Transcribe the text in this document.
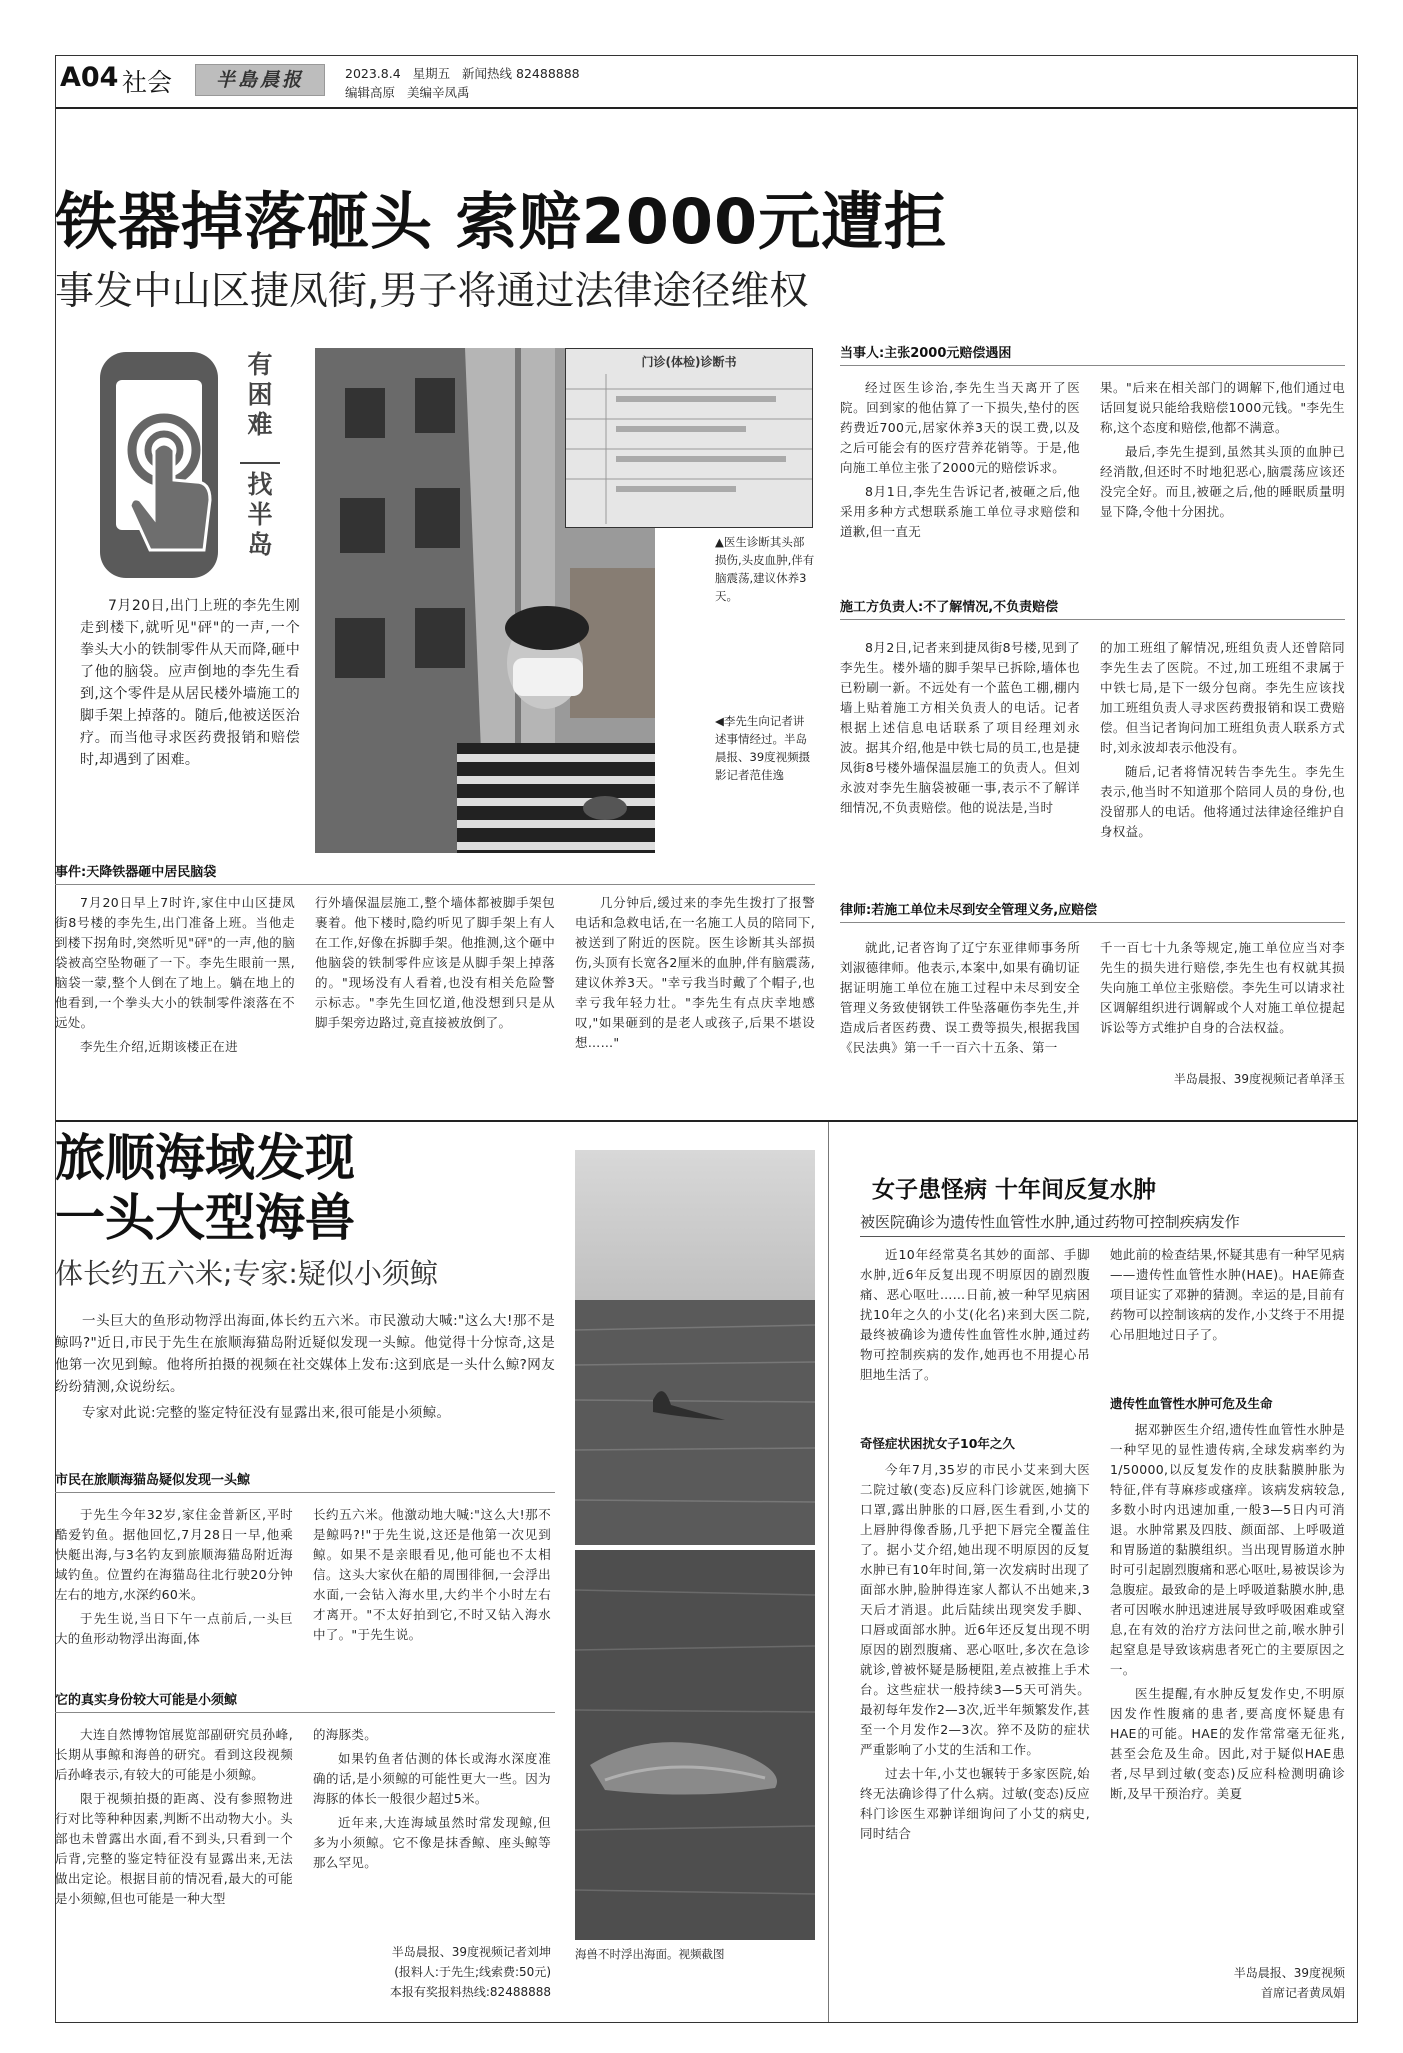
A04 社会	半島晨报	2023.8.4 星期五 新闻热线 82488888
编辑高原 美编辛凤禹
铁器掉落砸头 索赔2000元遭拒
事发中山区捷凤街,男子将通过法律途径维权
有困难
找半岛

7月20日,出门上班的李先生刚走到楼下,就听见"砰"的一声,一个拳头大小的铁制零件从天而降,砸中了他的脑袋。应声倒地的李先生看到,这个零件是从居民楼外墙施工的脚手架上掉落的。随后,他被送医治疗。而当他寻求医药费报销和赔偿时,却遇到了困难。

门诊(体检)诊断书
▲医生诊断其头部损伤,头皮血肿,伴有脑震荡,建议休养3天。
◀李先生向记者讲述事情经过。半岛晨报、39度视频摄影记者范佳逸
事件:天降铁器砸中居民脑袋

7月20日早上7时许,家住中山区捷凤街8号楼的李先生,出门准备上班。当他走到楼下拐角时,突然听见"砰"的一声,他的脑袋被高空坠物砸了一下。李先生眼前一黑,脑袋一蒙,整个人倒在了地上。躺在地上的他看到,一个拳头大小的铁制零件滚落在不远处。

李先生介绍,近期该楼正在进

行外墙保温层施工,整个墙体都被脚手架包裹着。他下楼时,隐约听见了脚手架上有人在工作,好像在拆脚手架。他推测,这个砸中他脑袋的铁制零件应该是从脚手架上掉落的。"现场没有人看着,也没有相关危险警示标志。"李先生回忆道,他没想到只是从脚手架旁边路过,竟直接被放倒了。

几分钟后,缓过来的李先生拨打了报警电话和急救电话,在一名施工人员的陪同下,被送到了附近的医院。医生诊断其头部损伤,头顶有长宽各2厘米的血肿,伴有脑震荡,建议休养3天。"幸亏我当时戴了个帽子,也幸亏我年轻力壮。"李先生有点庆幸地感叹,"如果砸到的是老人或孩子,后果不堪设想……"

当事人:主张2000元赔偿遇困

经过医生诊治,李先生当天离开了医院。回到家的他估算了一下损失,垫付的医药费近700元,居家休养3天的误工费,以及之后可能会有的医疗营养花销等。于是,他向施工单位主张了2000元的赔偿诉求。

8月1日,李先生告诉记者,被砸之后,他采用多种方式想联系施工单位寻求赔偿和道歉,但一直无

果。"后来在相关部门的调解下,他们通过电话回复说只能给我赔偿1000元钱。"李先生称,这个态度和赔偿,他都不满意。

最后,李先生提到,虽然其头顶的血肿已经消散,但还时不时地犯恶心,脑震荡应该还没完全好。而且,被砸之后,他的睡眠质量明显下降,令他十分困扰。

施工方负责人:不了解情况,不负责赔偿

8月2日,记者来到捷凤街8号楼,见到了李先生。楼外墙的脚手架早已拆除,墙体也已粉刷一新。不远处有一个蓝色工棚,棚内墙上贴着施工方相关负责人的电话。记者根据上述信息电话联系了项目经理刘永波。据其介绍,他是中铁七局的员工,也是捷凤街8号楼外墙保温层施工的负责人。但刘永波对李先生脑袋被砸一事,表示不了解详细情况,不负责赔偿。他的说法是,当时

的加工班组了解情况,班组负责人还曾陪同李先生去了医院。不过,加工班组不隶属于中铁七局,是下一级分包商。李先生应该找加工班组负责人寻求医药费报销和误工费赔偿。但当记者询问加工班组负责人联系方式时,刘永波却表示他没有。

随后,记者将情况转告李先生。李先生表示,他当时不知道那个陪同人员的身份,也没留那人的电话。他将通过法律途径维护自身权益。

律师:若施工单位未尽到安全管理义务,应赔偿

就此,记者咨询了辽宁东亚律师事务所刘淑德律师。他表示,本案中,如果有确切证据证明施工单位在施工过程中未尽到安全管理义务致使钢铁工件坠落砸伤李先生,并造成后者医药费、误工费等损失,根据我国《民法典》第一千一百六十五条、第一

千一百七十九条等规定,施工单位应当对李先生的损失进行赔偿,李先生也有权就其损失向施工单位主张赔偿。李先生可以请求社区调解组织进行调解或个人对施工单位提起诉讼等方式维护自身的合法权益。

半岛晨报、39度视频记者单泽玉
旅顺海域发现
一头大型海兽
体长约五六米;专家:疑似小须鲸

一头巨大的鱼形动物浮出海面,体长约五六米。市民激动大喊:"这么大!那不是鲸吗?"近日,市民于先生在旅顺海猫岛附近疑似发现一头鲸。他觉得十分惊奇,这是他第一次见到鲸。他将所拍摄的视频在社交媒体上发布:这到底是一头什么鲸?网友纷纷猜测,众说纷纭。

专家对此说:完整的鉴定特征没有显露出来,很可能是小须鲸。

市民在旅顺海猫岛疑似发现一头鲸

于先生今年32岁,家住金普新区,平时酷爱钓鱼。据他回忆,7月28日一早,他乘快艇出海,与3名钓友到旅顺海猫岛附近海域钓鱼。位置约在海猫岛往北行驶20分钟左右的地方,水深约60米。

于先生说,当日下午一点前后,一头巨大的鱼形动物浮出海面,体

长约五六米。他激动地大喊:"这么大!那不是鲸吗?!"于先生说,这还是他第一次见到鲸。如果不是亲眼看见,他可能也不太相信。这头大家伙在船的周围徘徊,一会浮出水面,一会钻入海水里,大约半个小时左右才离开。"不太好拍到它,不时又钻入海水中了。"于先生说。

它的真实身份较大可能是小须鲸

大连自然博物馆展览部副研究员孙峰,长期从事鲸和海兽的研究。看到这段视频后孙峰表示,有较大的可能是小须鲸。

限于视频拍摄的距离、没有参照物进行对比等种种因素,判断不出动物大小。头部也未曾露出水面,看不到头,只看到一个后背,完整的鉴定特征没有显露出来,无法做出定论。根据目前的情况看,最大的可能是小须鲸,但也可能是一种大型

的海豚类。

如果钓鱼者估测的体长或海水深度准确的话,是小须鲸的可能性更大一些。因为海豚的体长一般很少超过5米。

近年来,大连海域虽然时常发现鲸,但多为小须鲸。它不像是抹香鲸、座头鲸等那么罕见。

半岛晨报、39度视频记者刘坤
(报料人:于先生;线索费:50元)
本报有奖报料热线:82488888
海兽不时浮出海面。视频截图
女子患怪病 十年间反复水肿
被医院确诊为遗传性血管性水肿,通过药物可控制疾病发作

近10年经常莫名其妙的面部、手脚水肿,近6年反复出现不明原因的剧烈腹痛、恶心呕吐……日前,被一种罕见病困扰10年之久的小艾(化名)来到大医二院,最终被确诊为遗传性血管性水肿,通过药物可控制疾病的发作,她再也不用提心吊胆地生活了。

奇怪症状困扰女子10年之久

今年7月,35岁的市民小艾来到大医二院过敏(变态)反应科门诊就医,她摘下口罩,露出肿胀的口唇,医生看到,小艾的上唇肿得像香肠,几乎把下唇完全覆盖住了。据小艾介绍,她出现不明原因的反复水肿已有10年时间,第一次发病时出现了面部水肿,脸肿得连家人都认不出她来,3天后才消退。此后陆续出现突发手脚、口唇或面部水肿。近6年还反复出现不明原因的剧烈腹痛、恶心呕吐,多次在急诊就诊,曾被怀疑是肠梗阻,差点被推上手术台。这些症状一般持续3—5天可消失。最初每年发作2—3次,近半年频繁发作,甚至一个月发作2—3次。猝不及防的症状严重影响了小艾的生活和工作。

过去十年,小艾也辗转于多家医院,始终无法确诊得了什么病。过敏(变态)反应科门诊医生邓翀详细询问了小艾的病史,同时结合

她此前的检查结果,怀疑其患有一种罕见病——遗传性血管性水肿(HAE)。HAE筛查项目证实了邓翀的猜测。幸运的是,目前有药物可以控制该病的发作,小艾终于不用提心吊胆地过日子了。

遗传性血管性水肿可危及生命

据邓翀医生介绍,遗传性血管性水肿是一种罕见的显性遗传病,全球发病率约为1/50000,以反复发作的皮肤黏膜肿胀为特征,伴有荨麻疹或瘙痒。该病发病较急,多数小时内迅速加重,一般3—5日内可消退。水肿常累及四肢、颜面部、上呼吸道和胃肠道的黏膜组织。当出现胃肠道水肿时可引起剧烈腹痛和恶心呕吐,易被误诊为急腹症。最致命的是上呼吸道黏膜水肿,患者可因喉水肿迅速进展导致呼吸困难或窒息,在有效的治疗方法问世之前,喉水肿引起窒息是导致该病患者死亡的主要原因之一。

医生提醒,有水肿反复发作史,不明原因发作性腹痛的患者,要高度怀疑患有HAE的可能。HAE的发作常常毫无征兆,甚至会危及生命。因此,对于疑似HAE患者,尽早到过敏(变态)反应科检测明确诊断,及早干预治疗。美夏

半岛晨报、39度视频
首席记者黄凤娟
